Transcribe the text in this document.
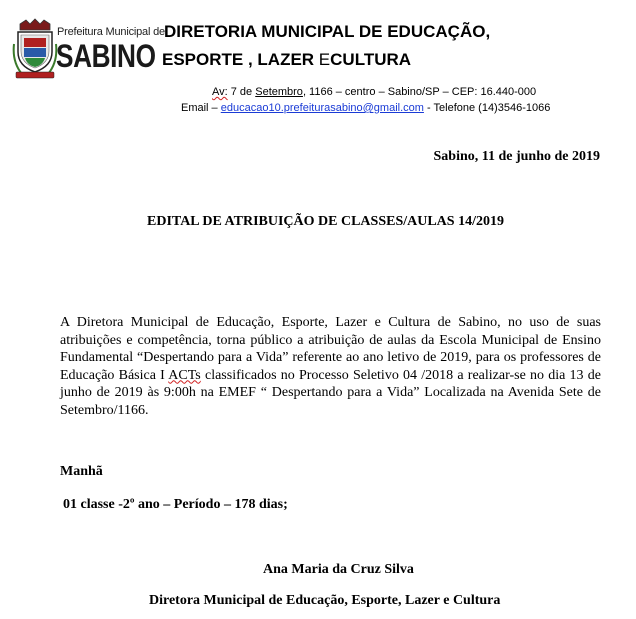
Prefeitura Municipal de
SABINO
DIRETORIA MUNICIPAL DE EDUCAÇÃO,
ESPORTE , LAZER ECULTURA
Av: 7 de Setembro, 1166 – centro – Sabino/SP – CEP: 16.440-000
Email – educacao10.prefeiturasabino@gmail.com - Telefone (14)3546-1066
Sabino, 11 de junho de 2019
EDITAL DE ATRIBUIÇÃO DE CLASSES/AULAS 14/2019
A Diretora Municipal de Educação, Esporte, Lazer e Cultura de Sabino, no uso de suas atribuições e competência, torna público a atribuição de aulas da Escola Municipal de Ensino Fundamental “Despertando para a Vida” referente ao ano letivo de 2019, para os professores de Educação Básica I ACTs classificados no Processo Seletivo 04 /2018 a realizar-se no dia 13 de junho de 2019 às 9:00h na EMEF “ Despertando para a Vida” Localizada na Avenida Sete de Setembro/1166.
Manhã
01 classe -2º ano – Período – 178 dias;
Ana Maria da Cruz Silva
Diretora Municipal de Educação, Esporte, Lazer e Cultura
